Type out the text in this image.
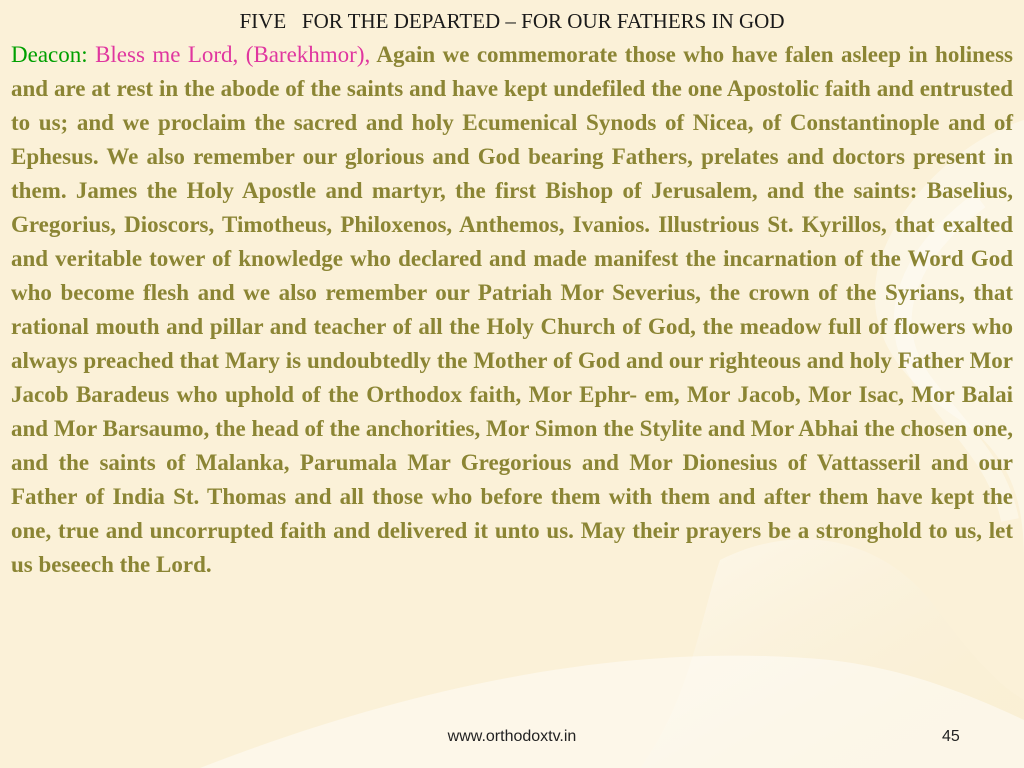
FIVE   FOR THE DEPARTED – FOR OUR FATHERS IN GOD
Deacon: Bless me Lord, (Barekhmor), Again we commemorate those who have falen asleep in holiness and are at rest in the abode of the saints and have kept undefiled the one Apostolic faith and entrusted to us; and we proclaim the sacred and holy Ecumenical Synods of Nicea, of Constantinople and of Ephesus. We also remember our glorious and God bearing Fathers, prelates and doctors present in them. James the Holy Apostle and martyr, the first Bishop of Jerusalem, and the saints: Baselius, Gregorius, Dioscors, Timotheus, Philoxenos, Anthemos, Ivanios. Illustrious St. Kyrillos, that exalted and veritable tower of knowledge who declared and made manifest the incarnation of the Word God who become flesh and we also remember our Patriah Mor Severius, the crown of the Syrians, that rational mouth and pillar and teacher of all the Holy Church of God, the meadow full of flowers who always preached that Mary is undoubtedly the Mother of God and our righteous and holy Father Mor Jacob Baradeus who uphold of the Orthodox faith, Mor Ephr- em, Mor Jacob, Mor Isac, Mor Balai and Mor Barsaumo, the head of the anchorities, Mor Simon the Stylite and Mor Abhai the chosen one, and the saints of Malanka, Parumala Mar Gregorious and Mor Dionesius of Vattasseril and our Father of India St. Thomas and all those who before them with them and after them have kept the one, true and uncorrupted faith and delivered it unto us. May their prayers be a stronghold to us, let us beseech the Lord.
www.orthodoxtv.in	45
